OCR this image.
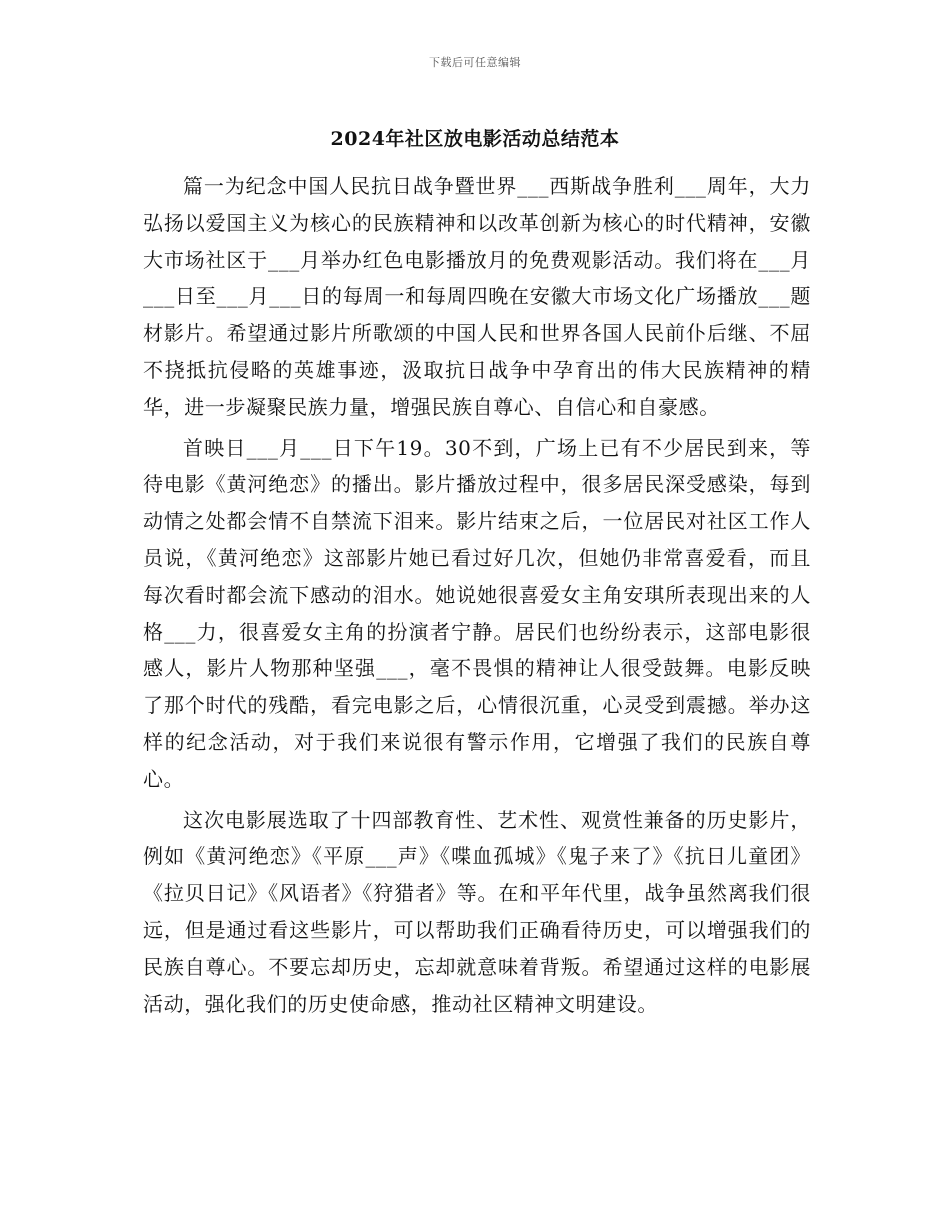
下载后可任意编辑
2024年社区放电影活动总结范本

篇一为纪念中国人民抗日战争暨世界___西斯战争胜利___周年，大力弘扬以爱国主义为核心的民族精神和以改革创新为核心的时代精神，安徽大市场社区于___月举办红色电影播放月的免费观影活动。我们将在___月___日至___月___日的每周一和每周四晚在安徽大市场文化广场播放___题材影片。希望通过影片所歌颂的中国人民和世界各国人民前仆后继、不屈不挠抵抗侵略的英雄事迹，汲取抗日战争中孕育出的伟大民族精神的精华，进一步凝聚民族力量，增强民族自尊心、自信心和自豪感。

首映日___月___日下午19。30不到，广场上已有不少居民到来，等待电影《黄河绝恋》的播出。影片播放过程中，很多居民深受感染，每到动情之处都会情不自禁流下泪来。影片结束之后，一位居民对社区工作人员说，《黄河绝恋》这部影片她已看过好几次，但她仍非常喜爱看，而且每次看时都会流下感动的泪水。她说她很喜爱女主角安琪所表现出来的人格___力，很喜爱女主角的扮演者宁静。居民们也纷纷表示，这部电影很感人，影片人物那种坚强___，毫不畏惧的精神让人很受鼓舞。电影反映了那个时代的残酷，看完电影之后，心情很沉重，心灵受到震撼。举办这样的纪念活动，对于我们来说很有警示作用，它增强了我们的民族自尊心。

这次电影展选取了十四部教育性、艺术性、观赏性兼备的历史影片，例如《黄河绝恋》《平原___声》《喋血孤城》《鬼子来了》《抗日儿童团》《拉贝日记》《风语者》《狩猎者》等。在和平年代里，战争虽然离我们很远，但是通过看这些影片，可以帮助我们正确看待历史，可以增强我们的民族自尊心。不要忘却历史，忘却就意味着背叛。希望通过这样的电影展活动，强化我们的历史使命感，推动社区精神文明建设。
